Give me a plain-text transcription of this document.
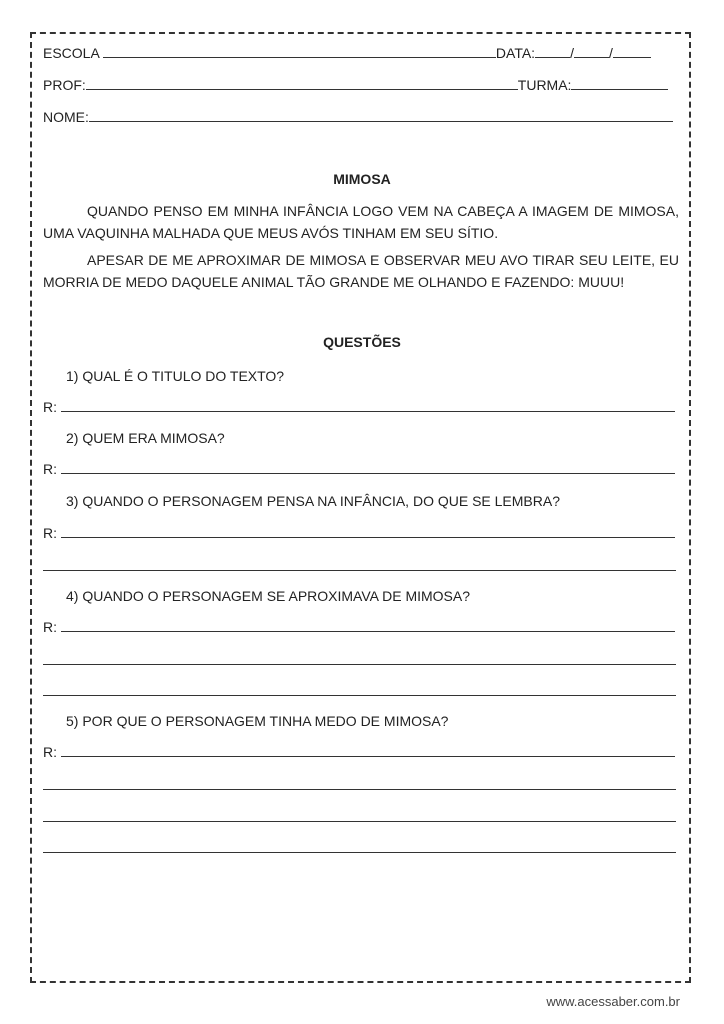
ESCOLA	DATA:	/	/
PROF:	TURMA:
NOME:
MIMOSA
QUANDO PENSO EM MINHA INFÂNCIA LOGO VEM NA CABEÇA A IMAGEM DE MIMOSA, UMA VAQUINHA MALHADA QUE MEUS AVÓS TINHAM EM SEU SÍTIO.
APESAR DE ME APROXIMAR DE MIMOSA E OBSERVAR MEU AVO TIRAR SEU LEITE, EU MORRIA DE MEDO DAQUELE ANIMAL TÃO GRANDE ME OLHANDO E FAZENDO: MUUU!
QUESTÕES
1) QUAL É O TITULO DO TEXTO?
R:
2) QUEM ERA MIMOSA?
R:
3) QUANDO O PERSONAGEM PENSA NA INFÂNCIA, DO QUE SE LEMBRA?
R:
4) QUANDO O PERSONAGEM SE APROXIMAVA DE MIMOSA?
R:
5) POR QUE O PERSONAGEM TINHA MEDO DE MIMOSA?
R:
www.acessaber.com.br
